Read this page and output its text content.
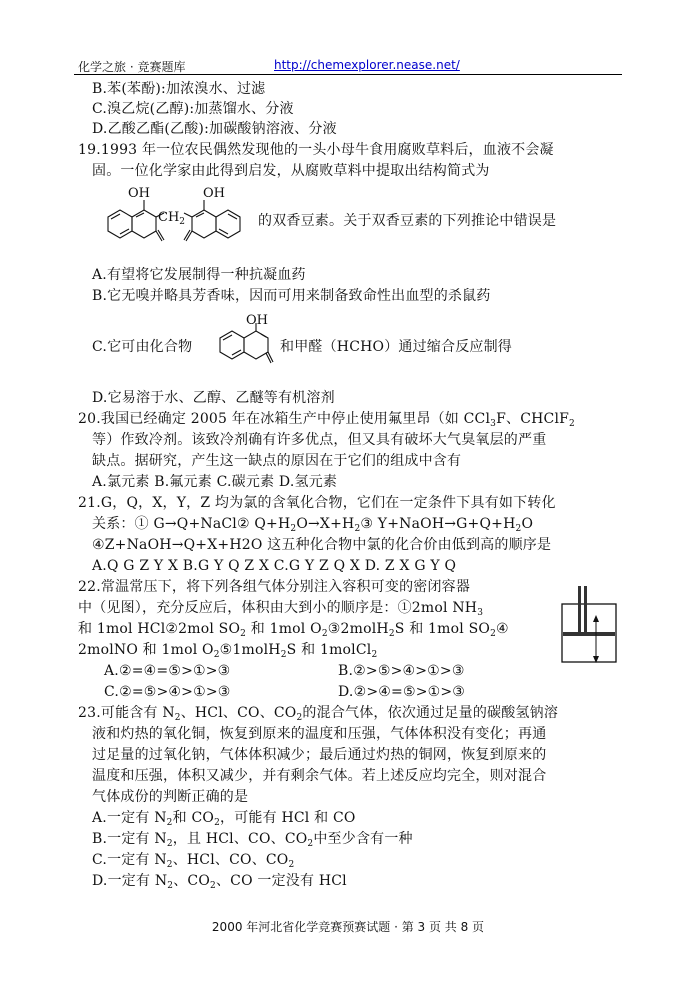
化学之旅 · 竞赛题库	http://chemexplorer.nease.net/
B.苯(苯酚):加浓溴水、过滤
C.溴乙烷(乙醇):加蒸馏水、分液
D.乙酸乙酯(乙酸):加碳酸钠溶液、分液
19.1993 年一位农民偶然发现他的一头小母牛食用腐败草料后，血液不会凝
固。一位化学家由此得到启发，从腐败草料中提取出结构简式为
OH	OH
$CH_2$	的双香豆素。关于双香豆素的下列推论中错误是
A.有望将它发展制得一种抗凝血药
B.它无嗅并略具芳香味，因而可用来制备致命性出血型的杀鼠药
C.它可由化合物
OH
和甲醛（HCHO）通过缩合反应制得
D.它易溶于水、乙醇、乙醚等有机溶剂
20.我国已经确定 2005 年在冰箱生产中停止使用氟里昂（如 CCl$_3$F、CHClF$_2$
等）作致冷剂。该致冷剂确有许多优点，但又具有破坏大气臭氧层的严重
缺点。据研究，产生这一缺点的原因在于它们的组成中含有
A.氯元素 B.氟元素 C.碳元素 D.氢元素
21.G，Q，X，Y，Z 均为氯的含氧化合物，它们在一定条件下具有如下转化
关系：① G→Q+NaCl② $Q+H_2O\to X+H_2③$ $Y+NaOH\to G+Q+H_2O$
④Z+NaOH→Q+X+H2O 这五种化合物中氯的化合价由低到高的顺序是
A.Q G Z Y X B.G Y Q Z X C.G Y Z Q X D. Z X G Y Q
22.常温常压下，将下列各组气体分别注入容积可变的密闭容器
中（见图），充分反应后，体积由大到小的顺序是：①2mol $NH_3$
和 1mol HCl②2mol $SO_2$ 和 1mol $O_2③2molH_2S$ 和 1mol $SO_2④$
2molNO 和 1mol $O_2⑤1molH_2S$ 和 1molCl$_2$
A.②=④=⑤>①>③	B.②>⑤>④>①>③
C.②=⑤>④>①>③	D.②>④=⑤>①>③
23.可能含有 $N_2$、HCl、CO、$CO_2$的混合气体，依次通过足量的碳酸氢钠溶
液和灼热的氧化铜，恢复到原来的温度和压强，气体体积没有变化；再通
过足量的过氧化钠，气体体积减少；最后通过灼热的铜网，恢复到原来的
温度和压强，体积又减少，并有剩余气体。若上述反应均完全，则对混合
气体成份的判断正确的是
A.一定有 $N_2$和 $CO_2$，可能有 HCl 和 CO
B.一定有 $N_2$，且 HCl、CO、$CO_2$中至少含有一种
C.一定有 $N_2$、HCl、CO、$CO_2$
D.一定有 $N_2$、$CO_2$、CO 一定没有 HCl
2000 年河北省化学竞赛预赛试题 · 第 3 页 共 8 页
